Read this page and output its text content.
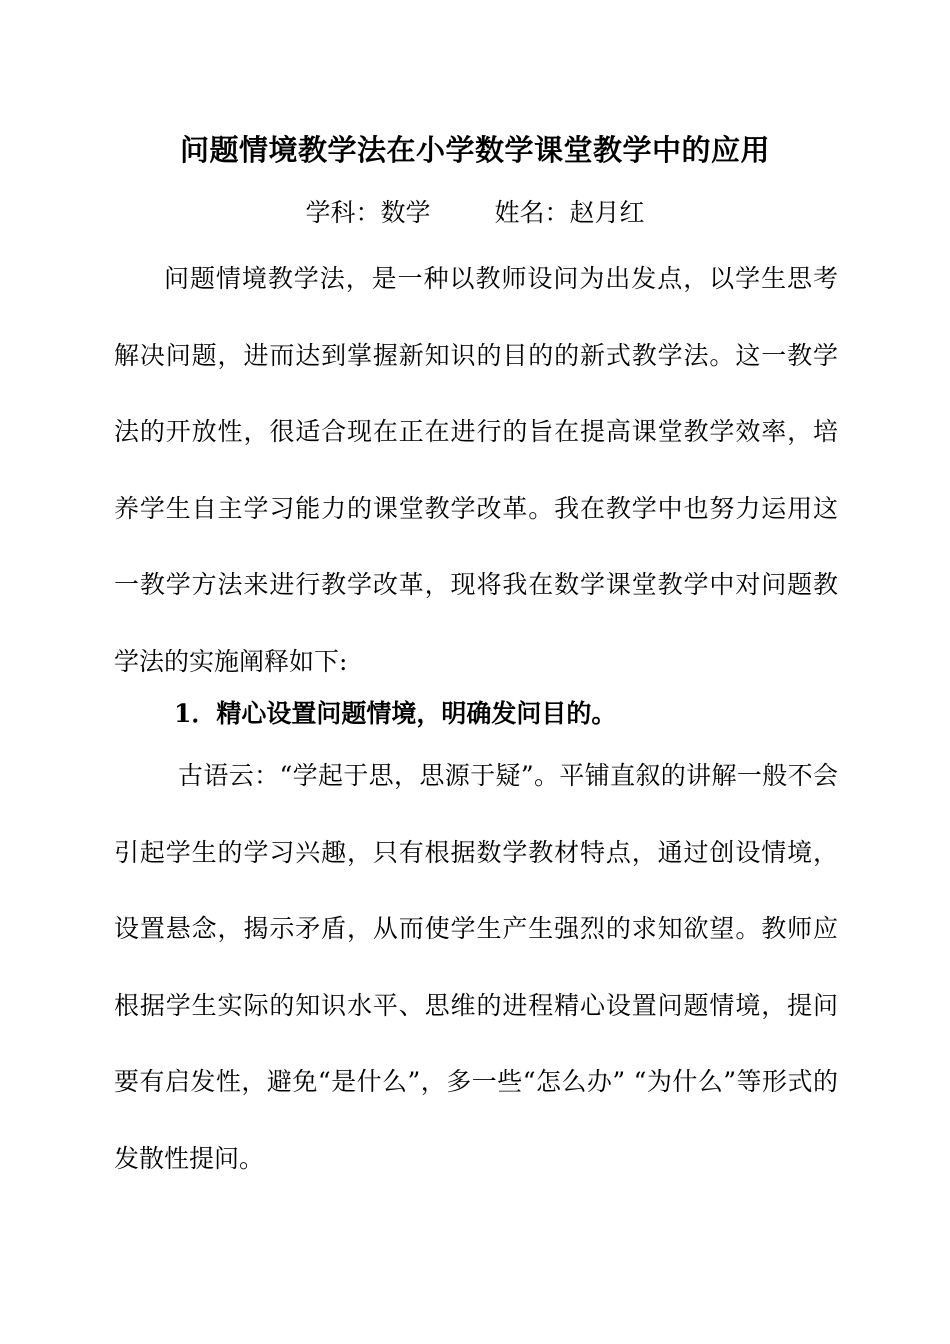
问题情境教学法在小学数学课堂教学中的应用
学科：数学	姓名：赵月红
问题情境教学法，是一种以教师设问为出发点，以学生思考解决问题，进而达到掌握新知识的目的的新式教学法。这一教学法的开放性，很适合现在正在进行的旨在提高课堂教学效率，培养学生自主学习能力的课堂教学改革。我在教学中也努力运用这一教学方法来进行教学改革，现将我在数学课堂教学中对问题教学法的实施阐释如下:
1．精心设置问题情境，明确发问目的。
古语云：“学起于思，思源于疑”。平铺直叙的讲解一般不会引起学生的学习兴趣，只有根据数学教材特点，通过创设情境，设置悬念，揭示矛盾，从而使学生产生强烈的求知欲望。教师应根据学生实际的知识水平、思维的进程精心设置问题情境，提问要有启发性，避免“是什么”，多一些“怎么办” “为什么”等形式的发散性提问。
